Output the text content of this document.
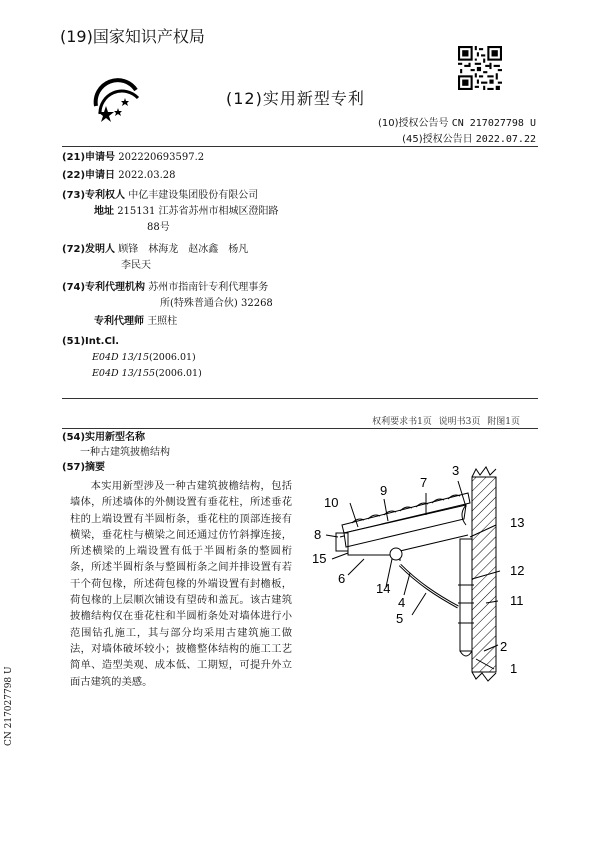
(19)国家知识产权局
(12)实用新型专利
(10)授权公告号 CN 217027798 U
(45)授权公告日 2022.07.22
(21)申请号 202220693597.2
(22)申请日 2022.03.28
(73)专利权人 中亿丰建设集团股份有限公司
地址 215131 江苏省苏州市相城区澄阳路
88号
(72)发明人 顾锋　林海龙　赵冰鑫　杨凡
李民天
(74)专利代理机构 苏州市指南针专利代理事务
所(特殊普通合伙) 32268
专利代理师 王照柱
(51)Int.Cl.
E04D 13/15(2006.01)
E04D 13/155(2006.01)
权利要求书1页 说明书3页 附图1页
(54)实用新型名称
一种古建筑披檐结构
(57)摘要
本实用新型涉及一种古建筑披檐结构，包括墙体，所述墙体的外侧设置有垂花柱，所述垂花柱的上端设置有半圆桁条，垂花柱的顶部连接有横梁，垂花柱与横梁之间还通过仿竹斜撑连接，所述横梁的上端设置有低于半圆桁条的整圆桁条，所述半圆桁条与整圆桁条之间并排设置有若干个荷包椽，所述荷包椽的外端设置有封檐板，荷包椽的上层顺次铺设有望砖和盖瓦。该古建筑披檐结构仅在垂花柱和半圆桁条处对墙体进行小范围钻孔施工，其与部分均采用古建筑施工做法，对墙体破坏较小；披檐整体结构的施工工艺简单、造型美观、成本低、工期短，可提升外立面古建筑的美感。
CN 217027798 U
3
7
9
10
8
15
6
14
4
5
13
12
11
2
1
